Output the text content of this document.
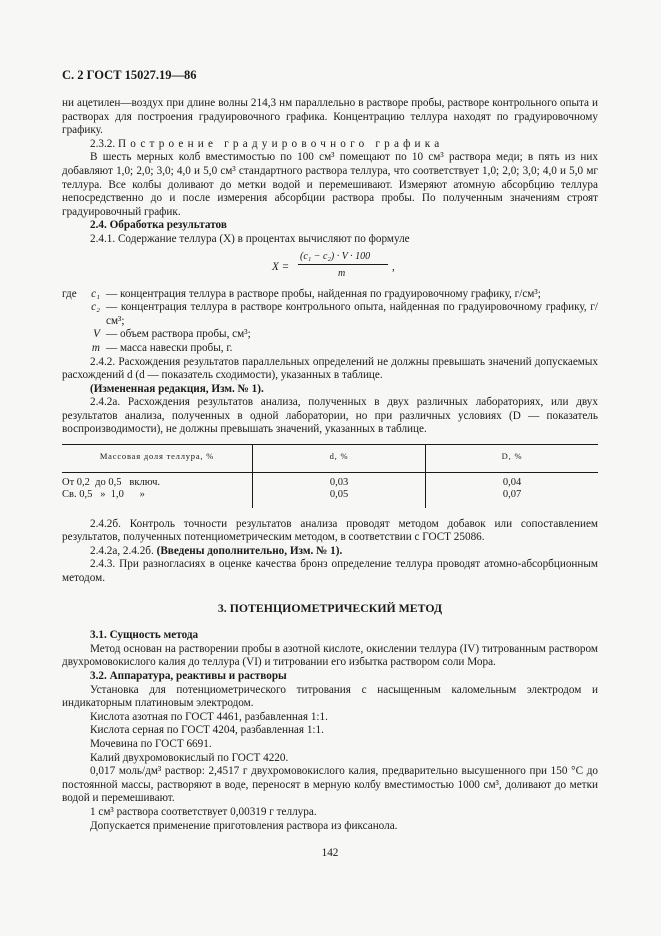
С. 2 ГОСТ 15027.19—86

ни ацетилен—воздух при длине волны 214,3 нм параллельно в растворе пробы, растворе контрольного опыта и растворах для построения градуировочного графика. Концентрацию теллура находят по градуировочному графику.

2.3.2. Построение градуировочного графика

В шесть мерных колб вместимостью по 100 см³ помещают по 10 см³ раствора меди; в пять из них добавляют 1,0; 2,0; 3,0; 4,0 и 5,0 см³ стандартного раствора теллура, что соответствует 1,0; 2,0; 3,0; 4,0 и 5,0 мг теллура. Все колбы доливают до метки водой и перемешивают. Измеряют атомную абсорбцию теллура непосредственно до и после измерения абсорбции раствора пробы. По полученным значениям строят градуировочный график.

2.4. Обработка результатов

2.4.1. Содержание теллура (X) в процентах вычисляют по формуле

X =
(c₁ − c₂) · V · 100
m
,
где	c₁ — концентрация теллура в растворе пробы, найденная по градуировочному графику, г/см³;
c₂ — концентрация теллура в растворе контрольного опыта, найденная по градуировочному графику, г/см³;
V — объем раствора пробы, см³;
m — масса навески пробы, г.

2.4.2. Расхождения результатов параллельных определений не должны превышать значений допускаемых расхождений d (d — показатель сходимости), указанных в таблице.

(Измененная редакция, Изм. № 1).

2.4.2а. Расхождения результатов анализа, полученных в двух различных лабораториях, или двух результатов анализа, полученных в одной лаборатории, но при различных условиях (D — показатель воспроизводимости), не должны превышать значений, указанных в таблице.

Массовая доля теллура, %	d, %	D, %
От 0,2  до 0,5   включ.	0,03	0,04
Св. 0,5   »  1,0      »	0,05	0,07

2.4.2б. Контроль точности результатов анализа проводят методом добавок или сопоставлением результатов, полученных потенциометрическим методом, в соответствии с ГОСТ 25086.

2.4.2а, 2.4.2б. (Введены дополнительно, Изм. № 1).

2.4.3. При разногласиях в оценке качества бронз определение теллура проводят атомно-абсорбционным методом.

3. ПОТЕНЦИОМЕТРИЧЕСКИЙ МЕТОД

3.1. Сущность метода

Метод основан на растворении пробы в азотной кислоте, окислении теллура (IV) титрованным раствором двухромовокислого калия до теллура (VI) и титровании его избытка раствором соли Мора.

3.2. Аппаратура, реактивы и растворы

Установка для потенциометрического титрования с насыщенным каломельным электродом и индикаторным платиновым электродом.

Кислота азотная по ГОСТ 4461, разбавленная 1:1.

Кислота серная по ГОСТ 4204, разбавленная 1:1.

Мочевина по ГОСТ 6691.

Калий двухромовокислый по ГОСТ 4220.

0,017 моль/дм³ раствор: 2,4517 г двухромовокислого калия, предварительно высушенного при 150 °С до постоянной массы, растворяют в воде, переносят в мерную колбу вместимостью 1000 см³, доливают до метки водой и перемешивают.

1 см³ раствора соответствует 0,00319 г теллура.

Допускается применение приготовления раствора из фиксанола.

142
